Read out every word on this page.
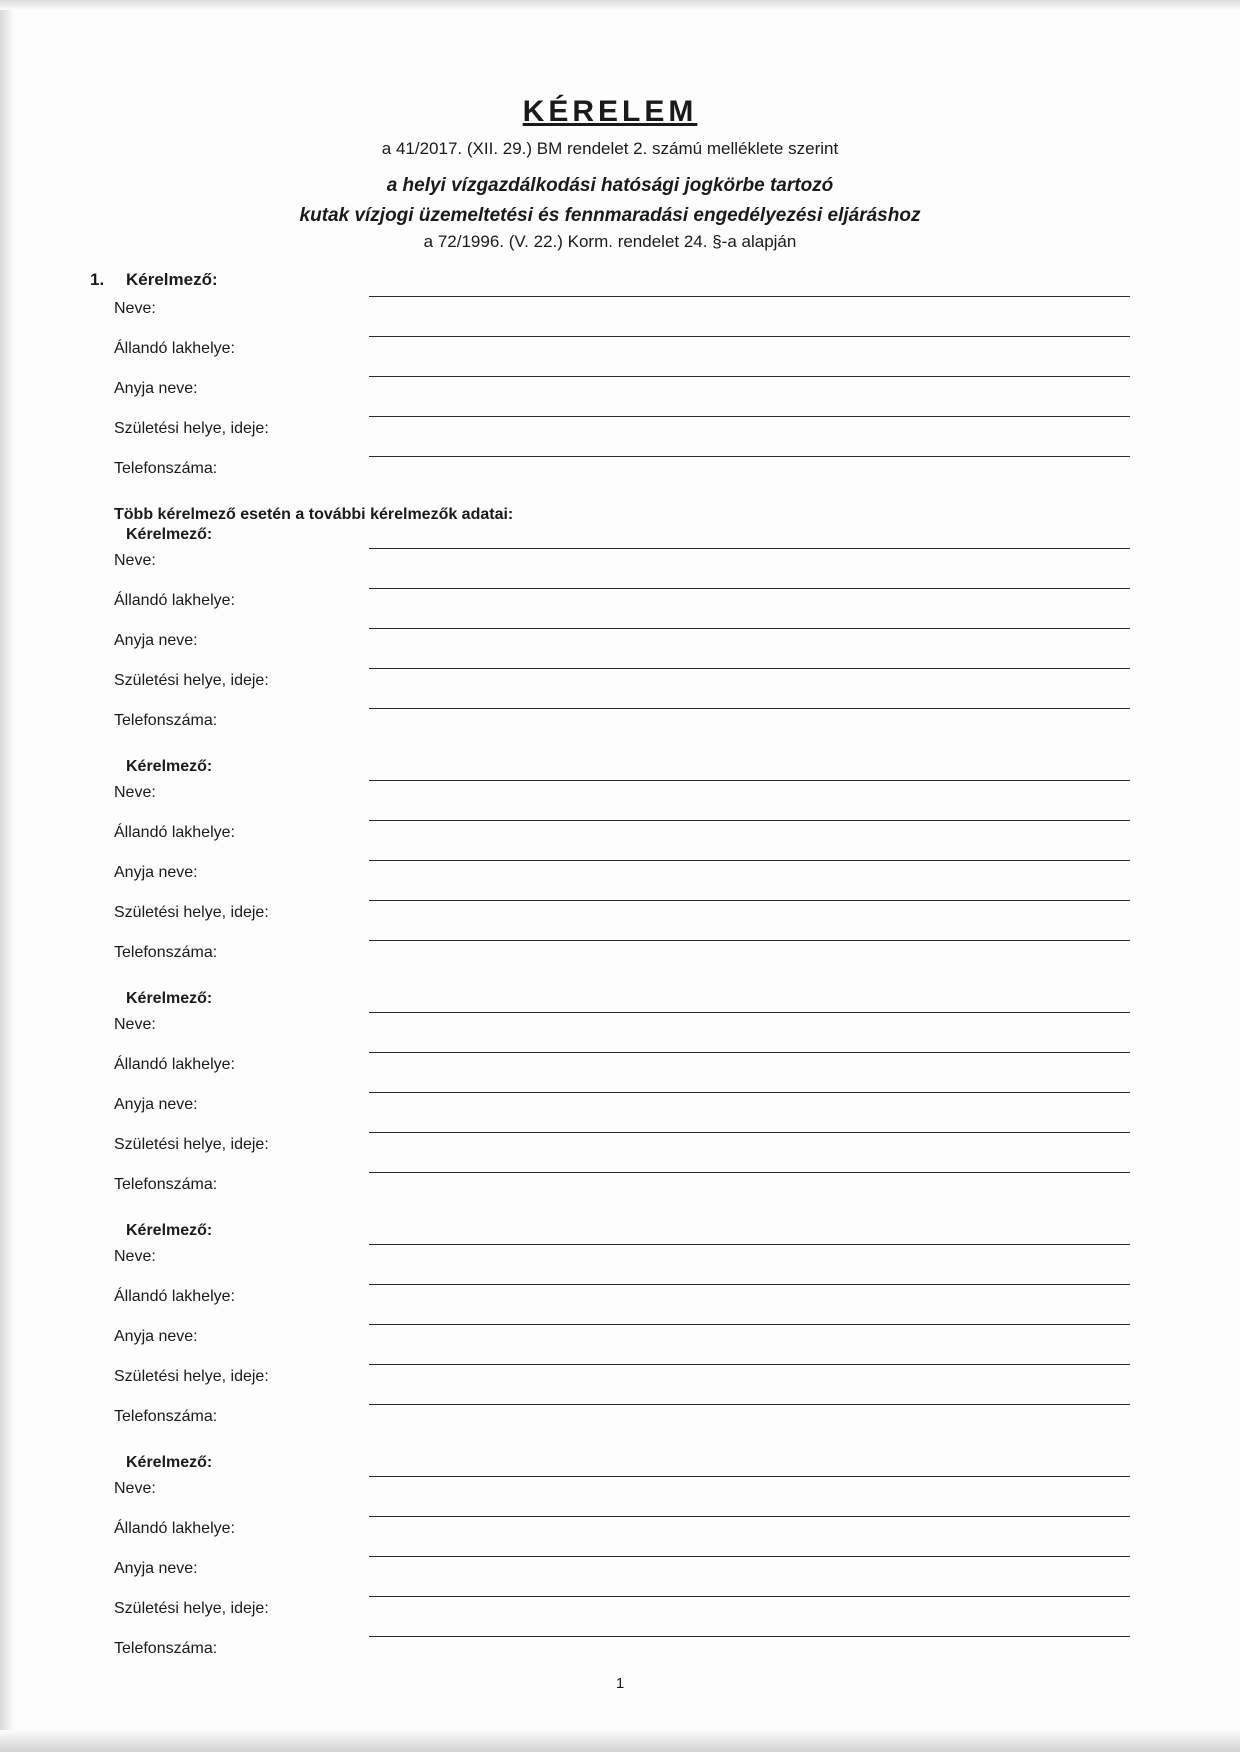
KÉRELEM

a 41/2017. (XII. 29.) BM rendelet 2. számú melléklete szerint

a helyi vízgazdálkodási hatósági jogkörbe tartozó

kutak vízjogi üzemeltetési és fennmaradási engedélyezési eljáráshoz

a 72/1996. (V. 22.) Korm. rendelet 24. §-a alapján

1.	Kérelmező:
Neve:
Állandó lakhelye:
Anyja neve:
Születési helye, ideje:
Telefonszáma:
Több kérelmező esetén a további kérelmezők adatai:
Kérelmező:
Neve:
Állandó lakhelye:
Anyja neve:
Születési helye, ideje:
Telefonszáma:
Kérelmező:
Neve:
Állandó lakhelye:
Anyja neve:
Születési helye, ideje:
Telefonszáma:
Kérelmező:
Neve:
Állandó lakhelye:
Anyja neve:
Születési helye, ideje:
Telefonszáma:
Kérelmező:
Neve:
Állandó lakhelye:
Anyja neve:
Születési helye, ideje:
Telefonszáma:
Kérelmező:
Neve:
Állandó lakhelye:
Anyja neve:
Születési helye, ideje:
Telefonszáma:
1
